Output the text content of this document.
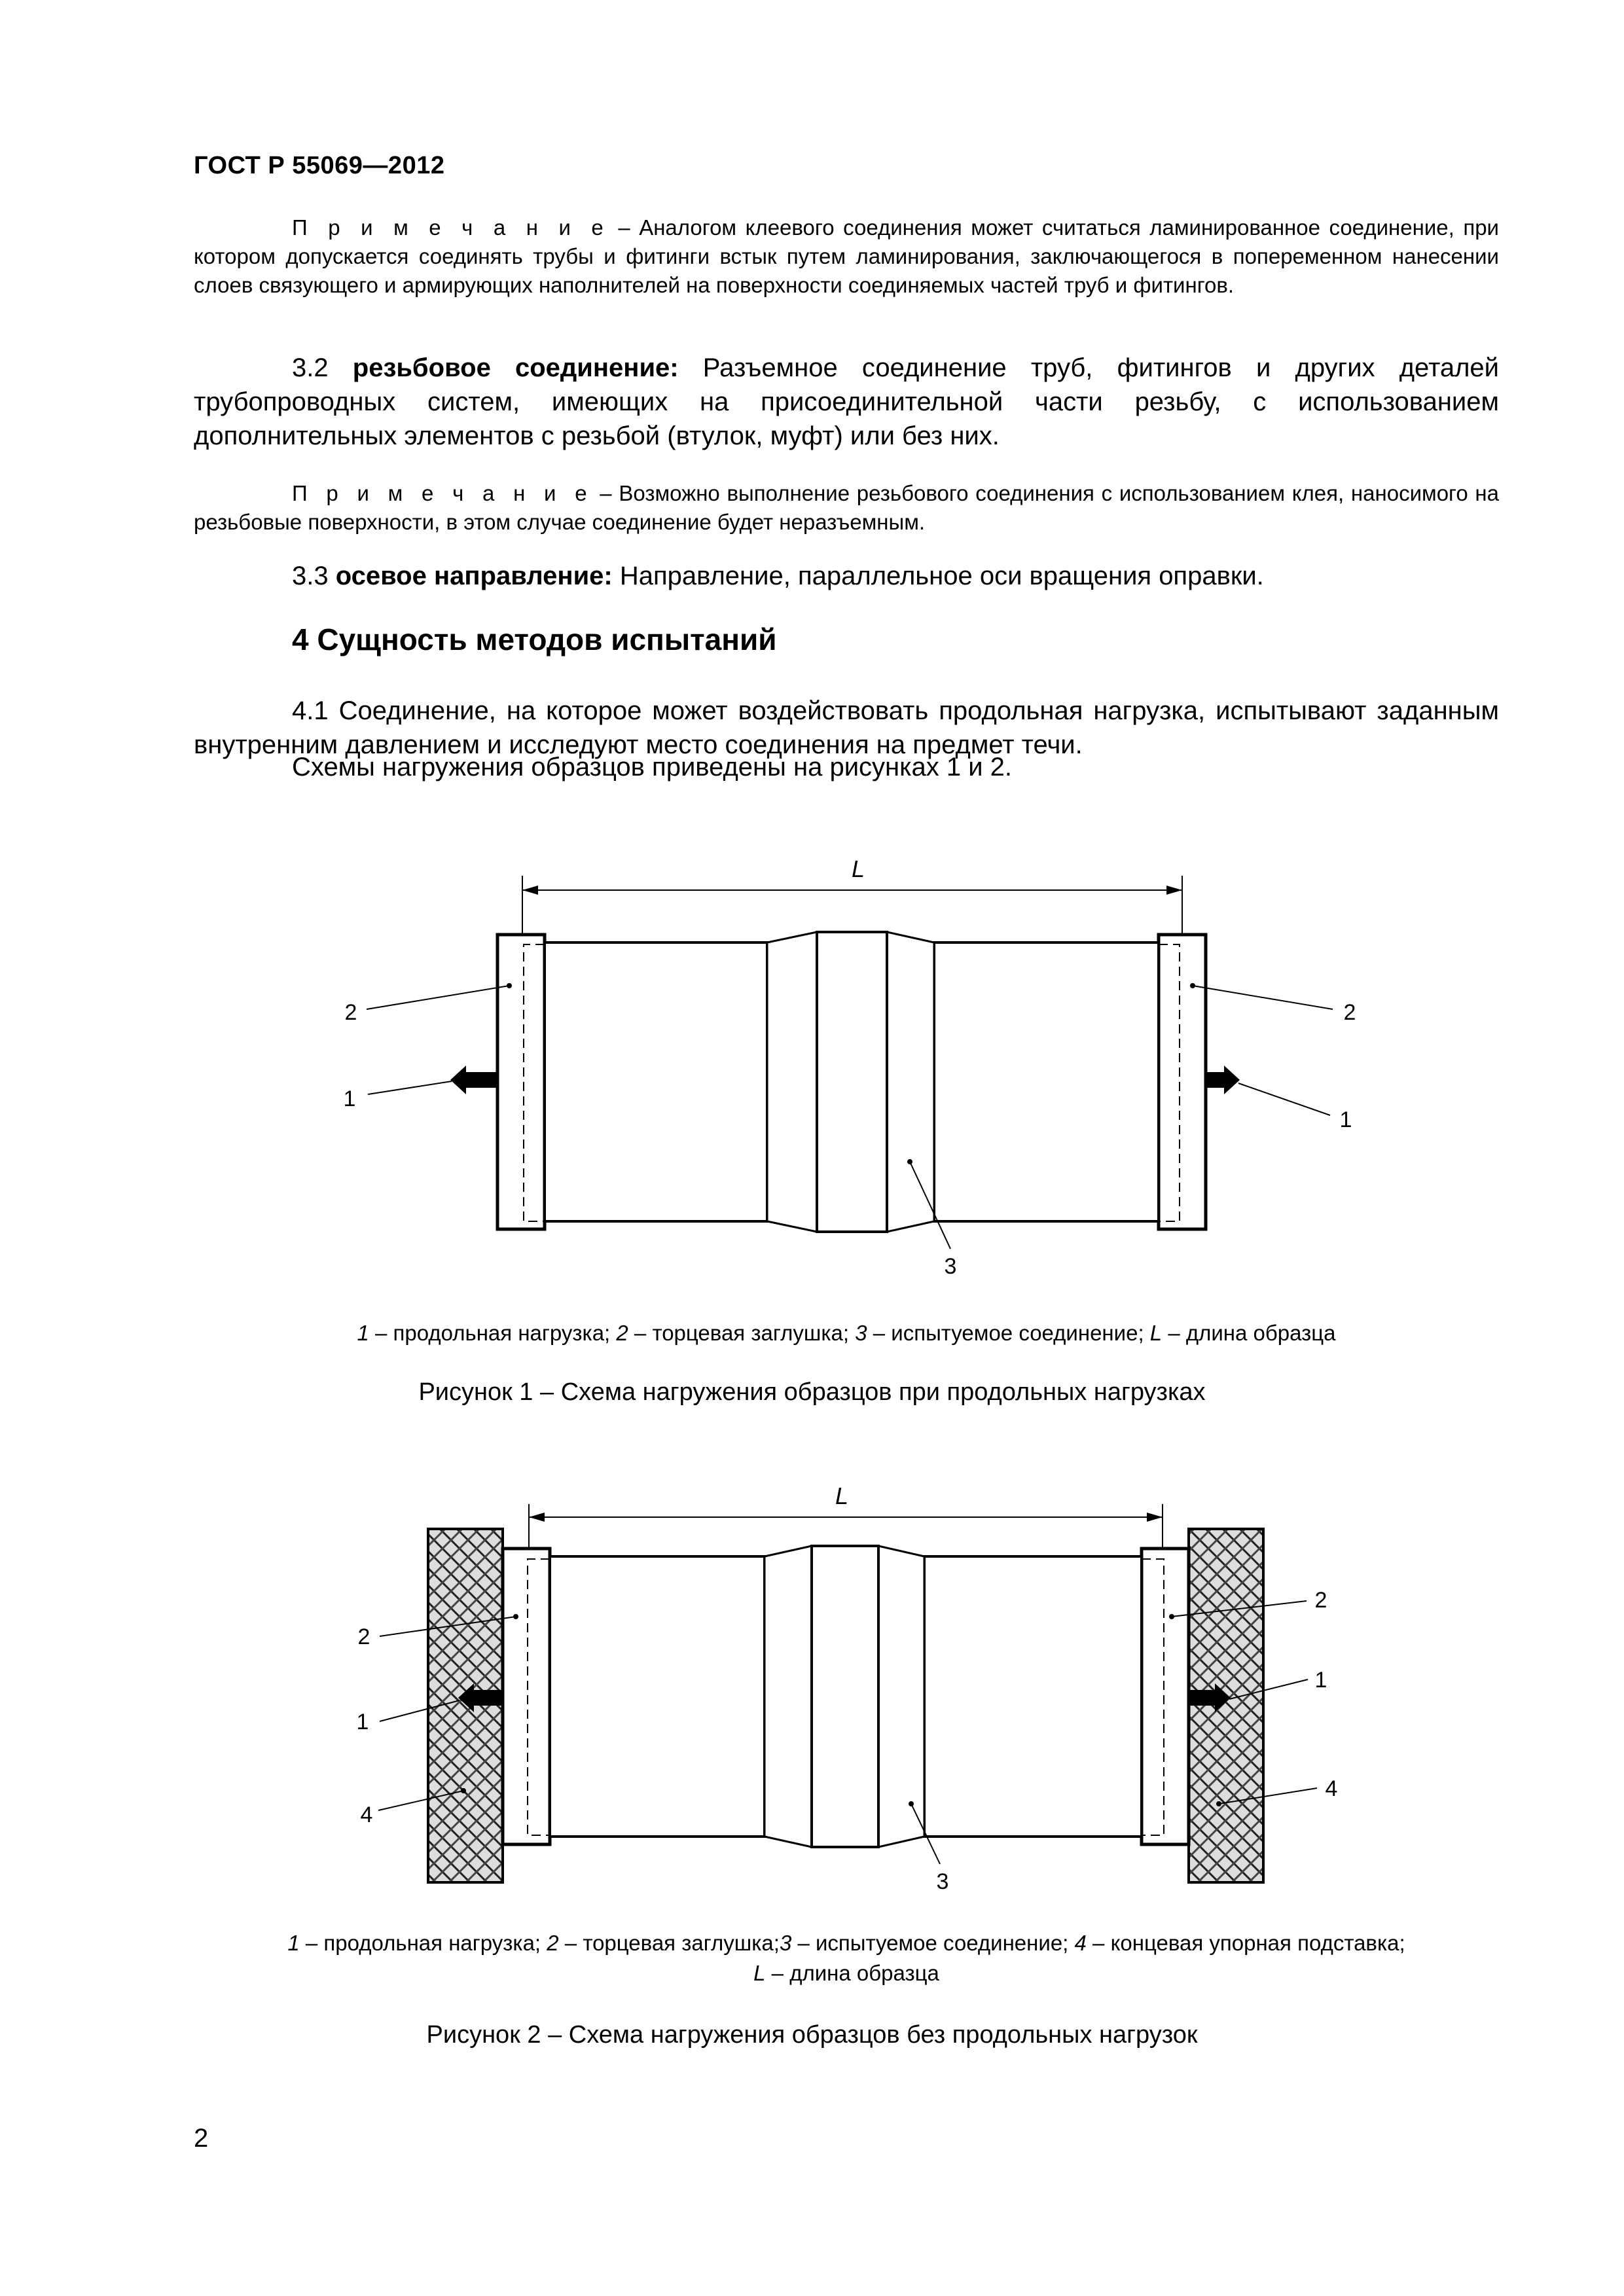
ГОСТ Р 55069—2012
П р и м е ч а н и е – Аналогом клеевого соединения может считаться ламинированное соединение, при котором допускается соединять трубы и фитинги встык путем ламинирования, заключающегося в попеременном нанесении слоев связующего и армирующих наполнителей на поверхности соединяемых частей труб и фитингов.
3.2 резьбовое соединение: Разъемное соединение труб, фитингов и других деталей трубопроводных систем, имеющих на присоединительной части резьбу, с использованием дополнительных элементов с резьбой (втулок, муфт) или без них.
П р и м е ч а н и е – Возможно выполнение резьбового соединения с использованием клея, наносимого на резьбовые поверхности, в этом случае соединение будет неразъемным.
3.3 осевое направление: Направление, параллельное оси вращения оправки.
4 Сущность методов испытаний
4.1 Соединение, на которое может воздействовать продольная нагрузка, испытывают заданным внутренним давлением и исследуют место соединения на предмет течи.
Схемы нагружения образцов приведены на рисунках 1 и 2.
L
2	2
1
1
3
1 – продольная нагрузка; 2 – торцевая заглушка; 3 – испытуемое соединение; L – длина образца
Рисунок 1 – Схема нагружения образцов при продольных нагрузках
L
2
1
4
2
1
4
3
1 – продольная нагрузка; 2 – торцевая заглушка;3 – испытуемое соединение; 4 – концевая упорная подставка;
L – длина образца
Рисунок 2 – Схема нагружения образцов без продольных нагрузок
2
